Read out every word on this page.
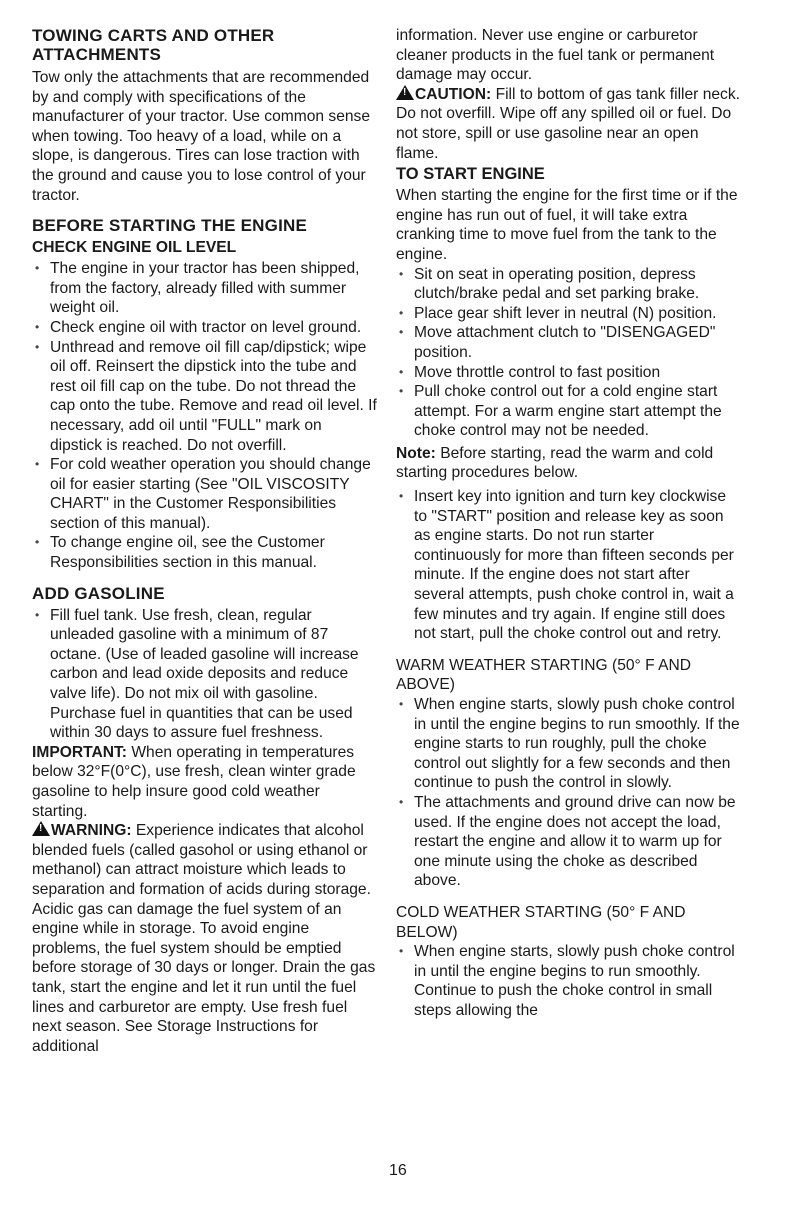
TOWING CARTS AND OTHER
ATTACHMENTS

Tow only the attachments that are recommended by and comply with specifications of the manufacturer of your tractor. Use common sense when towing. Too heavy of a load, while on a slope, is dangerous. Tires can lose traction with the ground and cause you to lose control of your tractor.

BEFORE STARTING THE ENGINE
CHECK ENGINE OIL LEVEL
• The engine in your tractor has been shipped, from the factory, already filled with summer weight oil.
• Check engine oil with tractor on level ground.
• Unthread and remove oil fill cap/dipstick; wipe oil off. Reinsert the dipstick into the tube and rest oil fill cap on the tube. Do not thread the cap onto the tube. Remove and read oil level. If necessary, add oil until "FULL" mark on dipstick is reached. Do not overfill.
• For cold weather operation you should change oil for easier starting (See "OIL VISCOSITY CHART" in the Customer Responsibilities section of this manual).
• To change engine oil, see the Customer Responsibilities section in this manual.
ADD GASOLINE
• Fill fuel tank. Use fresh, clean, regular unleaded gasoline with a minimum of 87 octane. (Use of leaded gasoline will increase carbon and lead oxide deposits and reduce valve life). Do not mix oil with gasoline. Purchase fuel in quantities that can be used within 30 days to assure fuel freshness.

IMPORTANT: When operating in temperatures below 32°F(0°C), use fresh, clean winter grade gasoline to help insure good cold weather starting.

!WARNING: Experience indicates that alcohol blended fuels (called gasohol or using ethanol or methanol) can attract moisture which leads to separation and formation of acids during storage. Acidic gas can damage the fuel system of an engine while in storage. To avoid engine problems, the fuel system should be emptied before storage of 30 days or longer. Drain the gas tank, start the engine and let it run until the fuel lines and carburetor are empty. Use fresh fuel next season. See Storage Instructions for additional

information. Never use engine or carburetor cleaner products in the fuel tank or permanent damage may occur.

!CAUTION: Fill to bottom of gas tank filler neck. Do not overfill. Wipe off any spilled oil or fuel. Do not store, spill or use gasoline near an open flame.

TO START ENGINE

When starting the engine for the first time or if the engine has run out of fuel, it will take extra cranking time to move fuel from the tank to the engine.

• Sit on seat in operating position, depress clutch/brake pedal and set parking brake.
• Place gear shift lever in neutral (N) position.
• Move attachment clutch to "DISENGAGED" position.
• Move throttle control to fast position
• Pull choke control out for a cold engine start attempt. For a warm engine start attempt the choke control may not be needed.

Note: Before starting, read the warm and cold starting procedures below.

• Insert key into ignition and turn key clockwise to "START" position and release key as soon as engine starts. Do not run starter continuously for more than fifteen seconds per minute. If the engine does not start after several attempts, push choke control in, wait a few minutes and try again. If engine still does not start, pull the choke control out and retry.

WARM WEATHER STARTING (50° F AND ABOVE)

• When engine starts, slowly push choke control in until the engine begins to run smoothly. If the engine starts to run roughly, pull the choke control out slightly for a few seconds and then continue to push the control in slowly.
• The attachments and ground drive can now be used. If the engine does not accept the load, restart the engine and allow it to warm up for one minute using the choke as described above.

COLD WEATHER STARTING (50° F AND BELOW)

• When engine starts, slowly push choke control in until the engine begins to run smoothly. Continue to push the choke control in small steps allowing the
16
